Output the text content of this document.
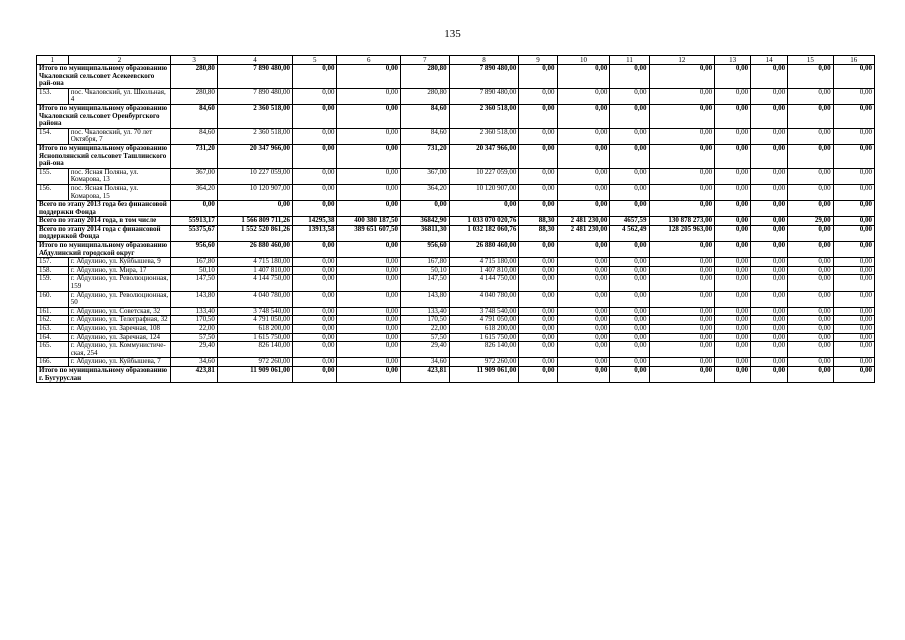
135
1	2	3	4	5	6	7	8	9	10	11	12	13	14	15	16
Итого по муниципальному образованию Чкаловский сельсовет Асекеевского рай-она		280,80	7 890 480,00	0,00	0,00	280,80	7 890 480,00	0,00	0,00	0,00	0,00	0,00	0,00	0,00	0,00
153.	пос. Чкаловский, ул. Школьная, 4	280,80	7 890 480,00	0,00	0,00	280,80	7 890 480,00	0,00	0,00	0,00	0,00	0,00	0,00	0,00	0,00
Итого по муниципальному образованию Чкаловский сельсовет Оренбургского района		84,60	2 360 518,00	0,00	0,00	84,60	2 360 518,00	0,00	0,00	0,00	0,00	0,00	0,00	0,00	0,00
154.	пос. Чкаловский, ул. 70 лет Октября, 7	84,60	2 360 518,00	0,00	0,00	84,60	2 360 518,00	0,00	0,00	0,00	0,00	0,00	0,00	0,00	0,00
Итого по муниципальному образованию Яснополянский сельсовет Ташлинского рай-она		731,20	20 347 966,00	0,00	0,00	731,20	20 347 966,00	0,00	0,00	0,00	0,00	0,00	0,00	0,00	0,00
155.	пос. Ясная Поляна, ул. Комарова, 13	367,00	10 227 059,00	0,00	0,00	367,00	10 227 059,00	0,00	0,00	0,00	0,00	0,00	0,00	0,00	0,00
156.	пос. Ясная Поляна, ул. Комарова, 15	364,20	10 120 907,00	0,00	0,00	364,20	10 120 907,00	0,00	0,00	0,00	0,00	0,00	0,00	0,00	0,00
Всего по этапу 2013 года без финансовой поддержки Фонда		0,00	0,00	0,00	0,00	0,00	0,00	0,00	0,00	0,00	0,00	0,00	0,00	0,00	0,00
Всего по этапу 2014 года, в том числе		55913,17	1 566 809 711,26	14295,38	400 380 187,50	36842,90	1 033 070 020,76	88,30	2 481 230,00	4657,59	130 878 273,00	0,00	0,00	29,00	0,00
Всего по этапу 2014 года с финансовой поддержкой Фонда		55375,67	1 552 520 861,26	13913,58	389 651 607,50	36811,30	1 032 182 060,76	88,30	2 481 230,00	4 562,49	128 205 963,00	0,00	0,00	0,00	0,00
Итого по муниципальному образованию Абдулинский городской округ		956,60	26 880 460,00	0,00	0,00	956,60	26 880 460,00	0,00	0,00	0,00	0,00	0,00	0,00	0,00	0,00
157.	г. Абдулино, ул. Куйбышева, 9	167,80	4 715 180,00	0,00	0,00	167,80	4 715 180,00	0,00	0,00	0,00	0,00	0,00	0,00	0,00	0,00
158.	г. Абдулино, ул. Мира, 17	50,10	1 407 810,00	0,00	0,00	50,10	1 407 810,00	0,00	0,00	0,00	0,00	0,00	0,00	0,00	0,00
159.	г. Абдулино, ул. Революционная, 159	147,50	4 144 750,00	0,00	0,00	147,50	4 144 750,00	0,00	0,00	0,00	0,00	0,00	0,00	0,00	0,00
160.	г. Абдулино, ул. Революционная, 50	143,80	4 040 780,00	0,00	0,00	143,80	4 040 780,00	0,00	0,00	0,00	0,00	0,00	0,00	0,00	0,00
161.	г. Абдулино, ул. Советская, 32	133,40	3 748 540,00	0,00	0,00	133,40	3 748 540,00	0,00	0,00	0,00	0,00	0,00	0,00	0,00	0,00
162.	г. Абдулино, ул. Телеграфная, 32	170,50	4 791 050,00	0,00	0,00	170,50	4 791 050,00	0,00	0,00	0,00	0,00	0,00	0,00	0,00	0,00
163.	г. Абдулино, ул. Заречная, 108	22,00	618 200,00	0,00	0,00	22,00	618 200,00	0,00	0,00	0,00	0,00	0,00	0,00	0,00	0,00
164.	г. Абдулино, ул. Заречная, 124	57,50	1 615 750,00	0,00	0,00	57,50	1 615 750,00	0,00	0,00	0,00	0,00	0,00	0,00	0,00	0,00
165.	г. Абдулино, ул. Коммунистиче-ская, 254	29,40	826 140,00	0,00	0,00	29,40	826 140,00	0,00	0,00	0,00	0,00	0,00	0,00	0,00	0,00
166.	г. Абдулино, ул. Куйбышева, 7	34,60	972 260,00	0,00	0,00	34,60	972 260,00	0,00	0,00	0,00	0,00	0,00	0,00	0,00	0,00
Итого по муниципальному образованию г. Бугуруслан		423,81	11 909 061,00	0,00	0,00	423,81	11 909 061,00	0,00	0,00	0,00	0,00	0,00	0,00	0,00	0,00
